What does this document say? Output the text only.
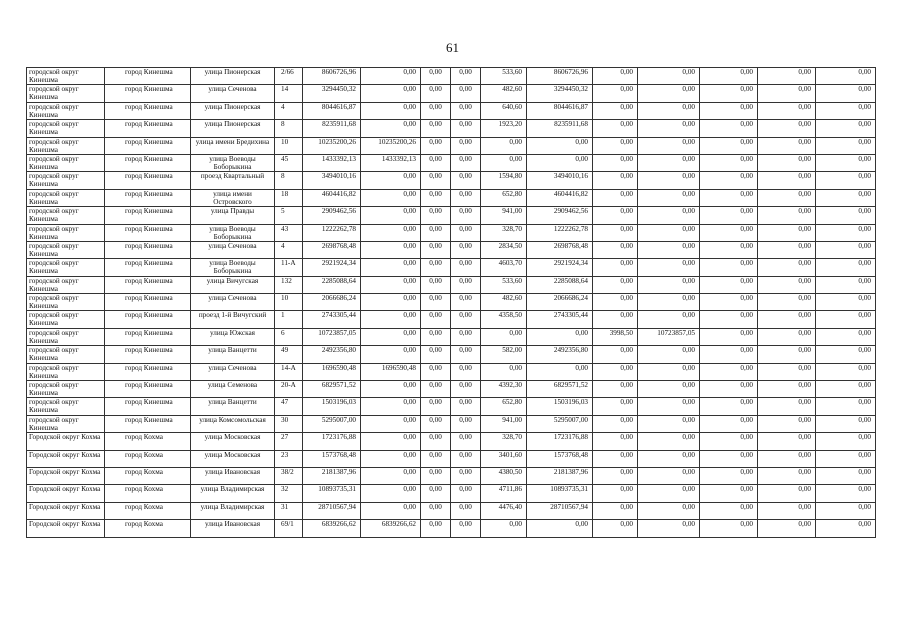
61
городской округ Кинешма	город Кинешма	улица Пионерская	2/66	8606726,96	0,00	0,00	0,00	533,60	8606726,96	0,00	0,00	0,00	0,00	0,00
городской округ Кинешма	город Кинешма	улица Сеченова	14	3294450,32	0,00	0,00	0,00	482,60	3294450,32	0,00	0,00	0,00	0,00	0,00
городской округ Кинешма	город Кинешма	улица Пионерская	4	8044616,87	0,00	0,00	0,00	640,60	8044616,87	0,00	0,00	0,00	0,00	0,00
городской округ Кинешма	город Кинешма	улица Пионерская	8	8235911,68	0,00	0,00	0,00	1923,20	8235911,68	0,00	0,00	0,00	0,00	0,00
городской округ Кинешма	город Кинешма	улица имени Бредихина	10	10235200,26	10235200,26	0,00	0,00	0,00	0,00	0,00	0,00	0,00	0,00	0,00
городской округ Кинешма	город Кинешма	улица Воеводы Боборыкина	45	1433392,13	1433392,13	0,00	0,00	0,00	0,00	0,00	0,00	0,00	0,00	0,00
городской округ Кинешма	город Кинешма	проезд Квартальный	8	3494010,16	0,00	0,00	0,00	1594,80	3494010,16	0,00	0,00	0,00	0,00	0,00
городской округ Кинешма	город Кинешма	улица имени Островского	18	4604416,82	0,00	0,00	0,00	652,80	4604416,82	0,00	0,00	0,00	0,00	0,00
городской округ Кинешма	город Кинешма	улица Правды	5	2909462,56	0,00	0,00	0,00	941,00	2909462,56	0,00	0,00	0,00	0,00	0,00
городской округ Кинешма	город Кинешма	улица Воеводы Боборыкина	43	1222262,78	0,00	0,00	0,00	328,70	1222262,78	0,00	0,00	0,00	0,00	0,00
городской округ Кинешма	город Кинешма	улица Сеченова	4	2698768,48	0,00	0,00	0,00	2834,50	2698768,48	0,00	0,00	0,00	0,00	0,00
городской округ Кинешма	город Кинешма	улица Воеводы Боборыкина	11-А	2921924,34	0,00	0,00	0,00	4603,70	2921924,34	0,00	0,00	0,00	0,00	0,00
городской округ Кинешма	город Кинешма	улица Вичугская	132	2285088,64	0,00	0,00	0,00	533,60	2285088,64	0,00	0,00	0,00	0,00	0,00
городской округ Кинешма	город Кинешма	улица Сеченова	10	2066686,24	0,00	0,00	0,00	482,60	2066686,24	0,00	0,00	0,00	0,00	0,00
городской округ Кинешма	город Кинешма	проезд 1-й Вичугский	1	2743305,44	0,00	0,00	0,00	4358,50	2743305,44	0,00	0,00	0,00	0,00	0,00
городской округ Кинешма	город Кинешма	улица Южская	6	10723857,05	0,00	0,00	0,00	0,00	0,00	3998,50	10723857,05	0,00	0,00	0,00
городской округ Кинешма	город Кинешма	улица Ванцетти	49	2492356,80	0,00	0,00	0,00	582,00	2492356,80	0,00	0,00	0,00	0,00	0,00
городской округ Кинешма	город Кинешма	улица Сеченова	14-А	1696590,48	1696590,48	0,00	0,00	0,00	0,00	0,00	0,00	0,00	0,00	0,00
городской округ Кинешма	город Кинешма	улица Семенова	20-А	6829571,52	0,00	0,00	0,00	4392,30	6829571,52	0,00	0,00	0,00	0,00	0,00
городской округ Кинешма	город Кинешма	улица Ванцетти	47	1503196,03	0,00	0,00	0,00	652,80	1503196,03	0,00	0,00	0,00	0,00	0,00
городской округ Кинешма	город Кинешма	улица Комсомольская	30	5295007,00	0,00	0,00	0,00	941,00	5295007,00	0,00	0,00	0,00	0,00	0,00
Городской округ Кохма	город Кохма	улица Московская	27	1723176,88	0,00	0,00	0,00	328,70	1723176,88	0,00	0,00	0,00	0,00	0,00
Городской округ Кохма	город Кохма	улица Московская	23	1573768,48	0,00	0,00	0,00	3401,60	1573768,48	0,00	0,00	0,00	0,00	0,00
Городской округ Кохма	город Кохма	улица Ивановская	38/2	2181387,96	0,00	0,00	0,00	4380,50	2181387,96	0,00	0,00	0,00	0,00	0,00
Городской округ Кохма	город Кохма	улица Владимирская	32	10893735,31	0,00	0,00	0,00	4711,86	10893735,31	0,00	0,00	0,00	0,00	0,00
Городской округ Кохма	город Кохма	улица Владимирская	31	28710567,94	0,00	0,00	0,00	4476,40	28710567,94	0,00	0,00	0,00	0,00	0,00
Городской округ Кохма	город Кохма	улица Ивановская	69/1	6839266,62	6839266,62	0,00	0,00	0,00	0,00	0,00	0,00	0,00	0,00	0,00
